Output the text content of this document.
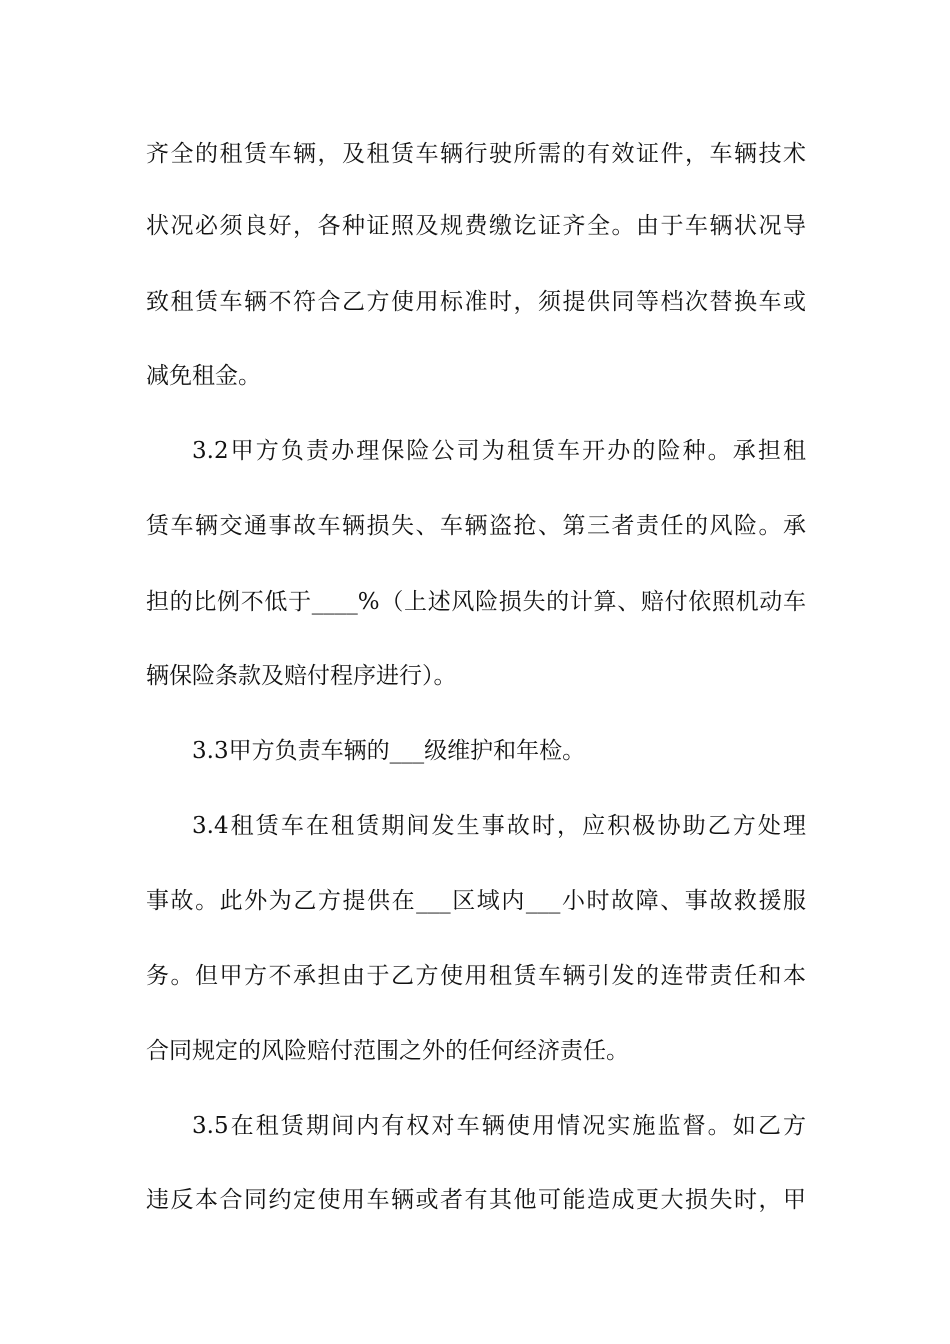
齐全的租赁车辆，及租赁车辆行驶所需的有效证件，车辆技术
状况必须良好，各种证照及规费缴讫证齐全。由于车辆状况导
致租赁车辆不符合乙方使用标准时，须提供同等档次替换车或
减免租金。
3.2甲方负责办理保险公司为租赁车开办的险种。承担租
赁车辆交通事故车辆损失、车辆盗抢、第三者责任的风险。承
担的比例不低于____%（上述风险损失的计算、赔付依照机动车
辆保险条款及赔付程序进行）。
3.3甲方负责车辆的___级维护和年检。
3.4租赁车在租赁期间发生事故时，应积极协助乙方处理
事故。此外为乙方提供在___区域内___小时故障、事故救援服
务。但甲方不承担由于乙方使用租赁车辆引发的连带责任和本
合同规定的风险赔付范围之外的任何经济责任。
3.5在租赁期间内有权对车辆使用情况实施监督。如乙方
违反本合同约定使用车辆或者有其他可能造成更大损失时，甲
